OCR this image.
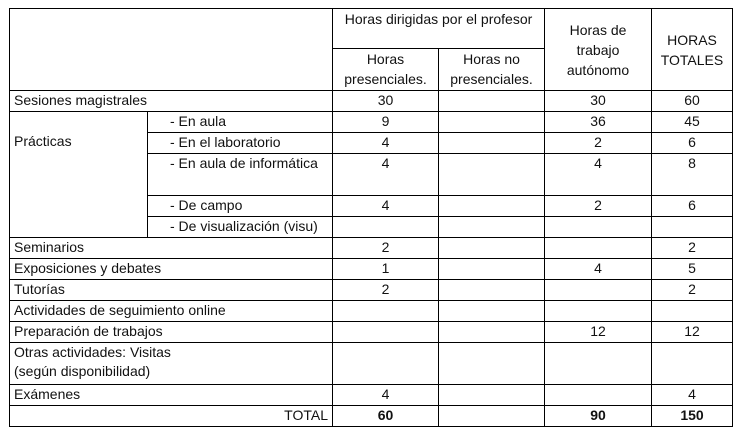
		Horas dirigidas por el profesor		Horas de trabajo autónomo	HORAS TOTALES
		Horas presenciales.	Horas no presenciales.		
Sesiones magistrales		30		30	60

Prácticas	- En aula	9		36	45
	- En el laboratorio	4		2	6
	- En aula de informática	4		4	8
	- De campo	4		2	6
	- De visualización (visu)				
Seminarios		2			2
Exposiciones y debates		1		4	5
Tutorías		2			2
Actividades de seguimiento online					
Preparación de trabajos				12	12
Otras actividades: Visitas (según disponibilidad)					
Exámenes		4			4
TOTAL		60		90	150
